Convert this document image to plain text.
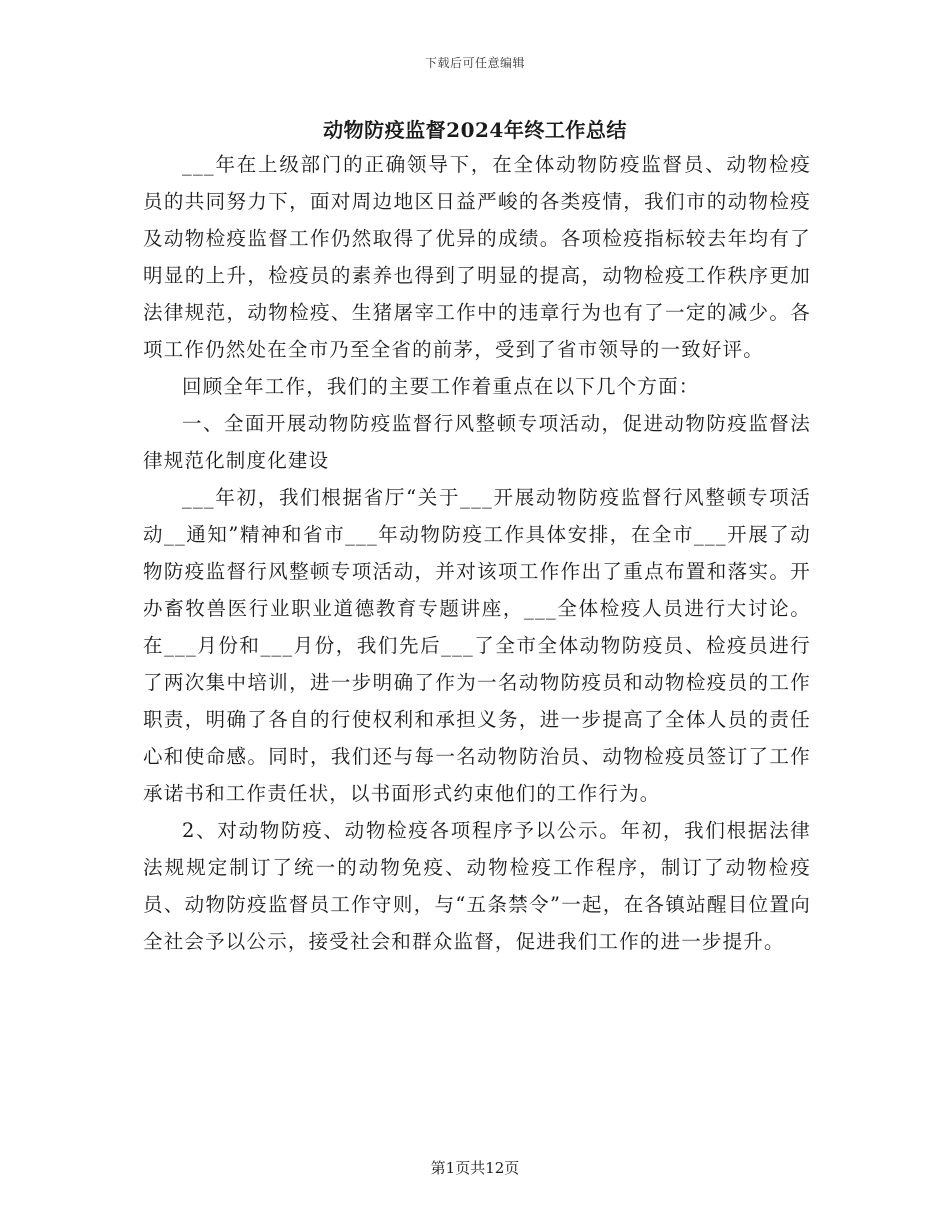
下载后可任意编辑
动物防疫监督2024年终工作总结

___年在上级部门的正确领导下，在全体动物防疫监督员、动物检疫员的共同努力下，面对周边地区日益严峻的各类疫情，我们市的动物检疫及动物检疫监督工作仍然取得了优异的成绩。各项检疫指标较去年均有了明显的上升，检疫员的素养也得到了明显的提高，动物检疫工作秩序更加法律规范，动物检疫、生猪屠宰工作中的违章行为也有了一定的减少。各项工作仍然处在全市乃至全省的前茅，受到了省市领导的一致好评。

回顾全年工作，我们的主要工作着重点在以下几个方面：

一、全面开展动物防疫监督行风整顿专项活动，促进动物防疫监督法律规范化制度化建设

___年初，我们根据省厅“关于___开展动物防疫监督行风整顿专项活动__通知”精神和省市___年动物防疫工作具体安排，在全市___开展了动物防疫监督行风整顿专项活动，并对该项工作作出了重点布置和落实。开办畜牧兽医行业职业道德教育专题讲座，___全体检疫人员进行大讨论。在___月份和___月份，我们先后___了全市全体动物防疫员、检疫员进行了两次集中培训，进一步明确了作为一名动物防疫员和动物检疫员的工作职责，明确了各自的行使权利和承担义务，进一步提高了全体人员的责任心和使命感。同时，我们还与每一名动物防治员、动物检疫员签订了工作承诺书和工作责任状，以书面形式约束他们的工作行为。

2、对动物防疫、动物检疫各项程序予以公示。年初，我们根据法律法规规定制订了统一的动物免疫、动物检疫工作程序，制订了动物检疫员、动物防疫监督员工作守则，与“五条禁令”一起，在各镇站醒目位置向全社会予以公示，接受社会和群众监督，促进我们工作的进一步提升。

第1页共12页
